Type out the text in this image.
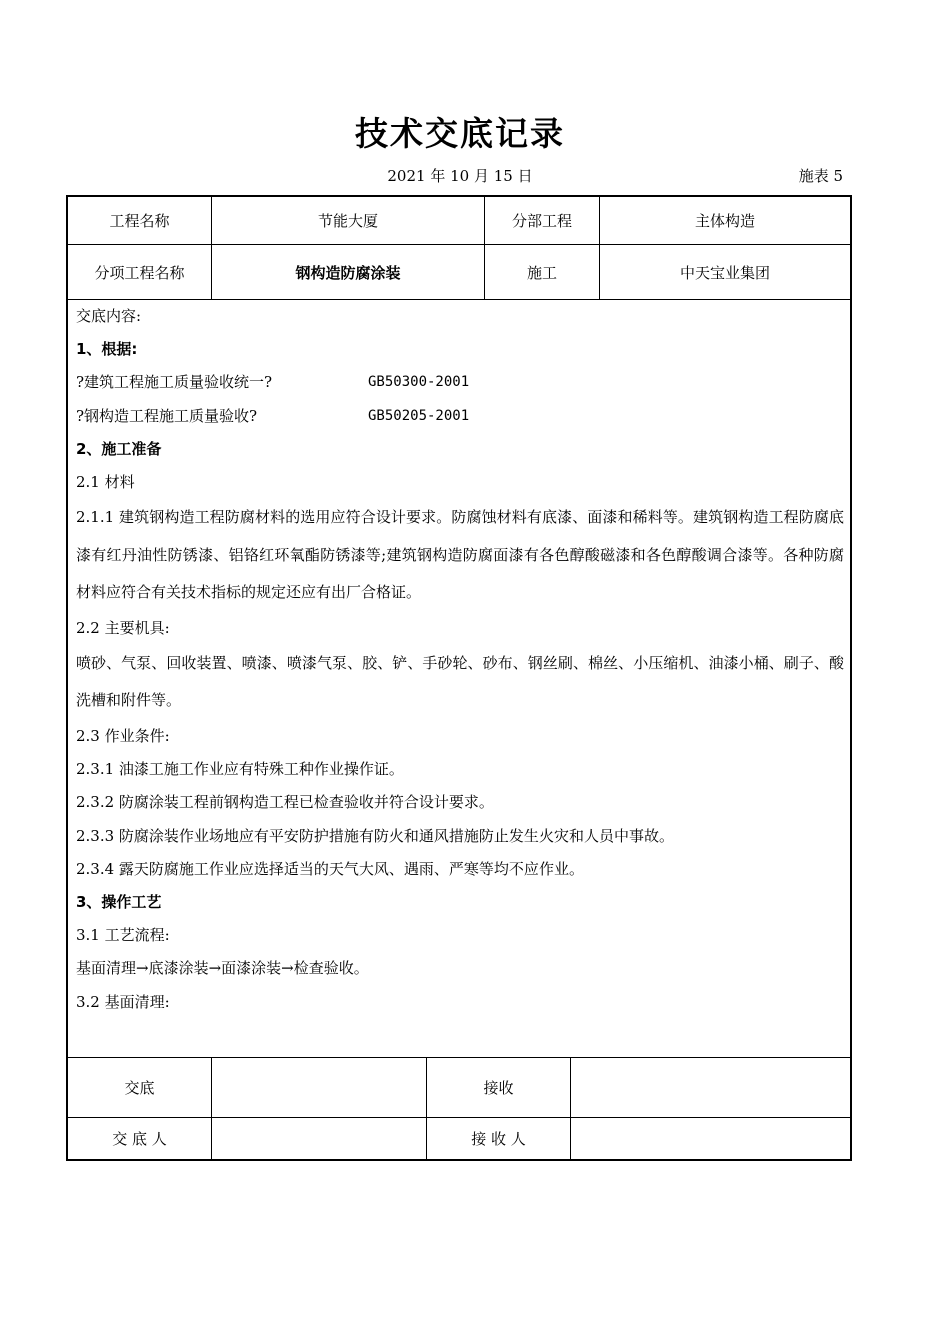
技术交底记录
2021 年 10 月 15 日	施表 5
工程名称	节能大厦	分部工程	主体构造
分项工程名称	钢构造防腐涂装	施工	中天宝业集团

交底内容:

1、根据:

?建筑工程施工质量验收统一?	GB50300-2001

?钢构造工程施工质量验收?	GB50205-2001

2、施工准备

2.1 材料

2.1.1 建筑钢构造工程防腐材料的选用应符合设计要求。防腐蚀材料有底漆、面漆和稀料等。建筑钢构造工程防腐底漆有红丹油性防锈漆、铝铬红环氧酯防锈漆等;建筑钢构造防腐面漆有各色醇酸磁漆和各色醇酸调合漆等。各种防腐材料应符合有关技术指标的规定还应有出厂合格证。

2.2 主要机具:

喷砂、气泵、回收装置、喷漆、喷漆气泵、胶、铲、手砂轮、砂布、钢丝刷、棉丝、小压缩机、油漆小桶、刷子、酸洗槽和附件等。

2.3 作业条件:

2.3.1 油漆工施工作业应有特殊工种作业操作证。

2.3.2 防腐涂装工程前钢构造工程已检查验收并符合设计要求。

2.3.3 防腐涂装作业场地应有平安防护措施有防火和通风措施防止发生火灾和人员中事故。

2.3.4 露天防腐施工作业应选择适当的天气大风、遇雨、严寒等均不应作业。

3、操作工艺

3.1 工艺流程:

基面清理→底漆涂装→面漆涂装→检查验收。

3.2 基面清理:

交底	接收
交 底 人	接 收 人
